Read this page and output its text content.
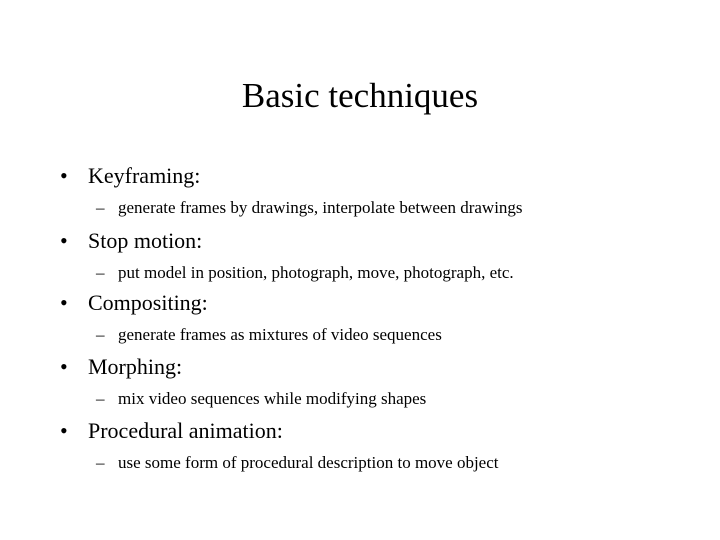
Basic techniques
• Keyframing:
– generate frames by drawings, interpolate between drawings
• Stop motion:
– put model in position, photograph, move, photograph, etc.
• Compositing:
– generate frames as mixtures of video sequences
• Morphing:
– mix video sequences while modifying shapes
• Procedural animation:
– use some form of procedural description to move object
